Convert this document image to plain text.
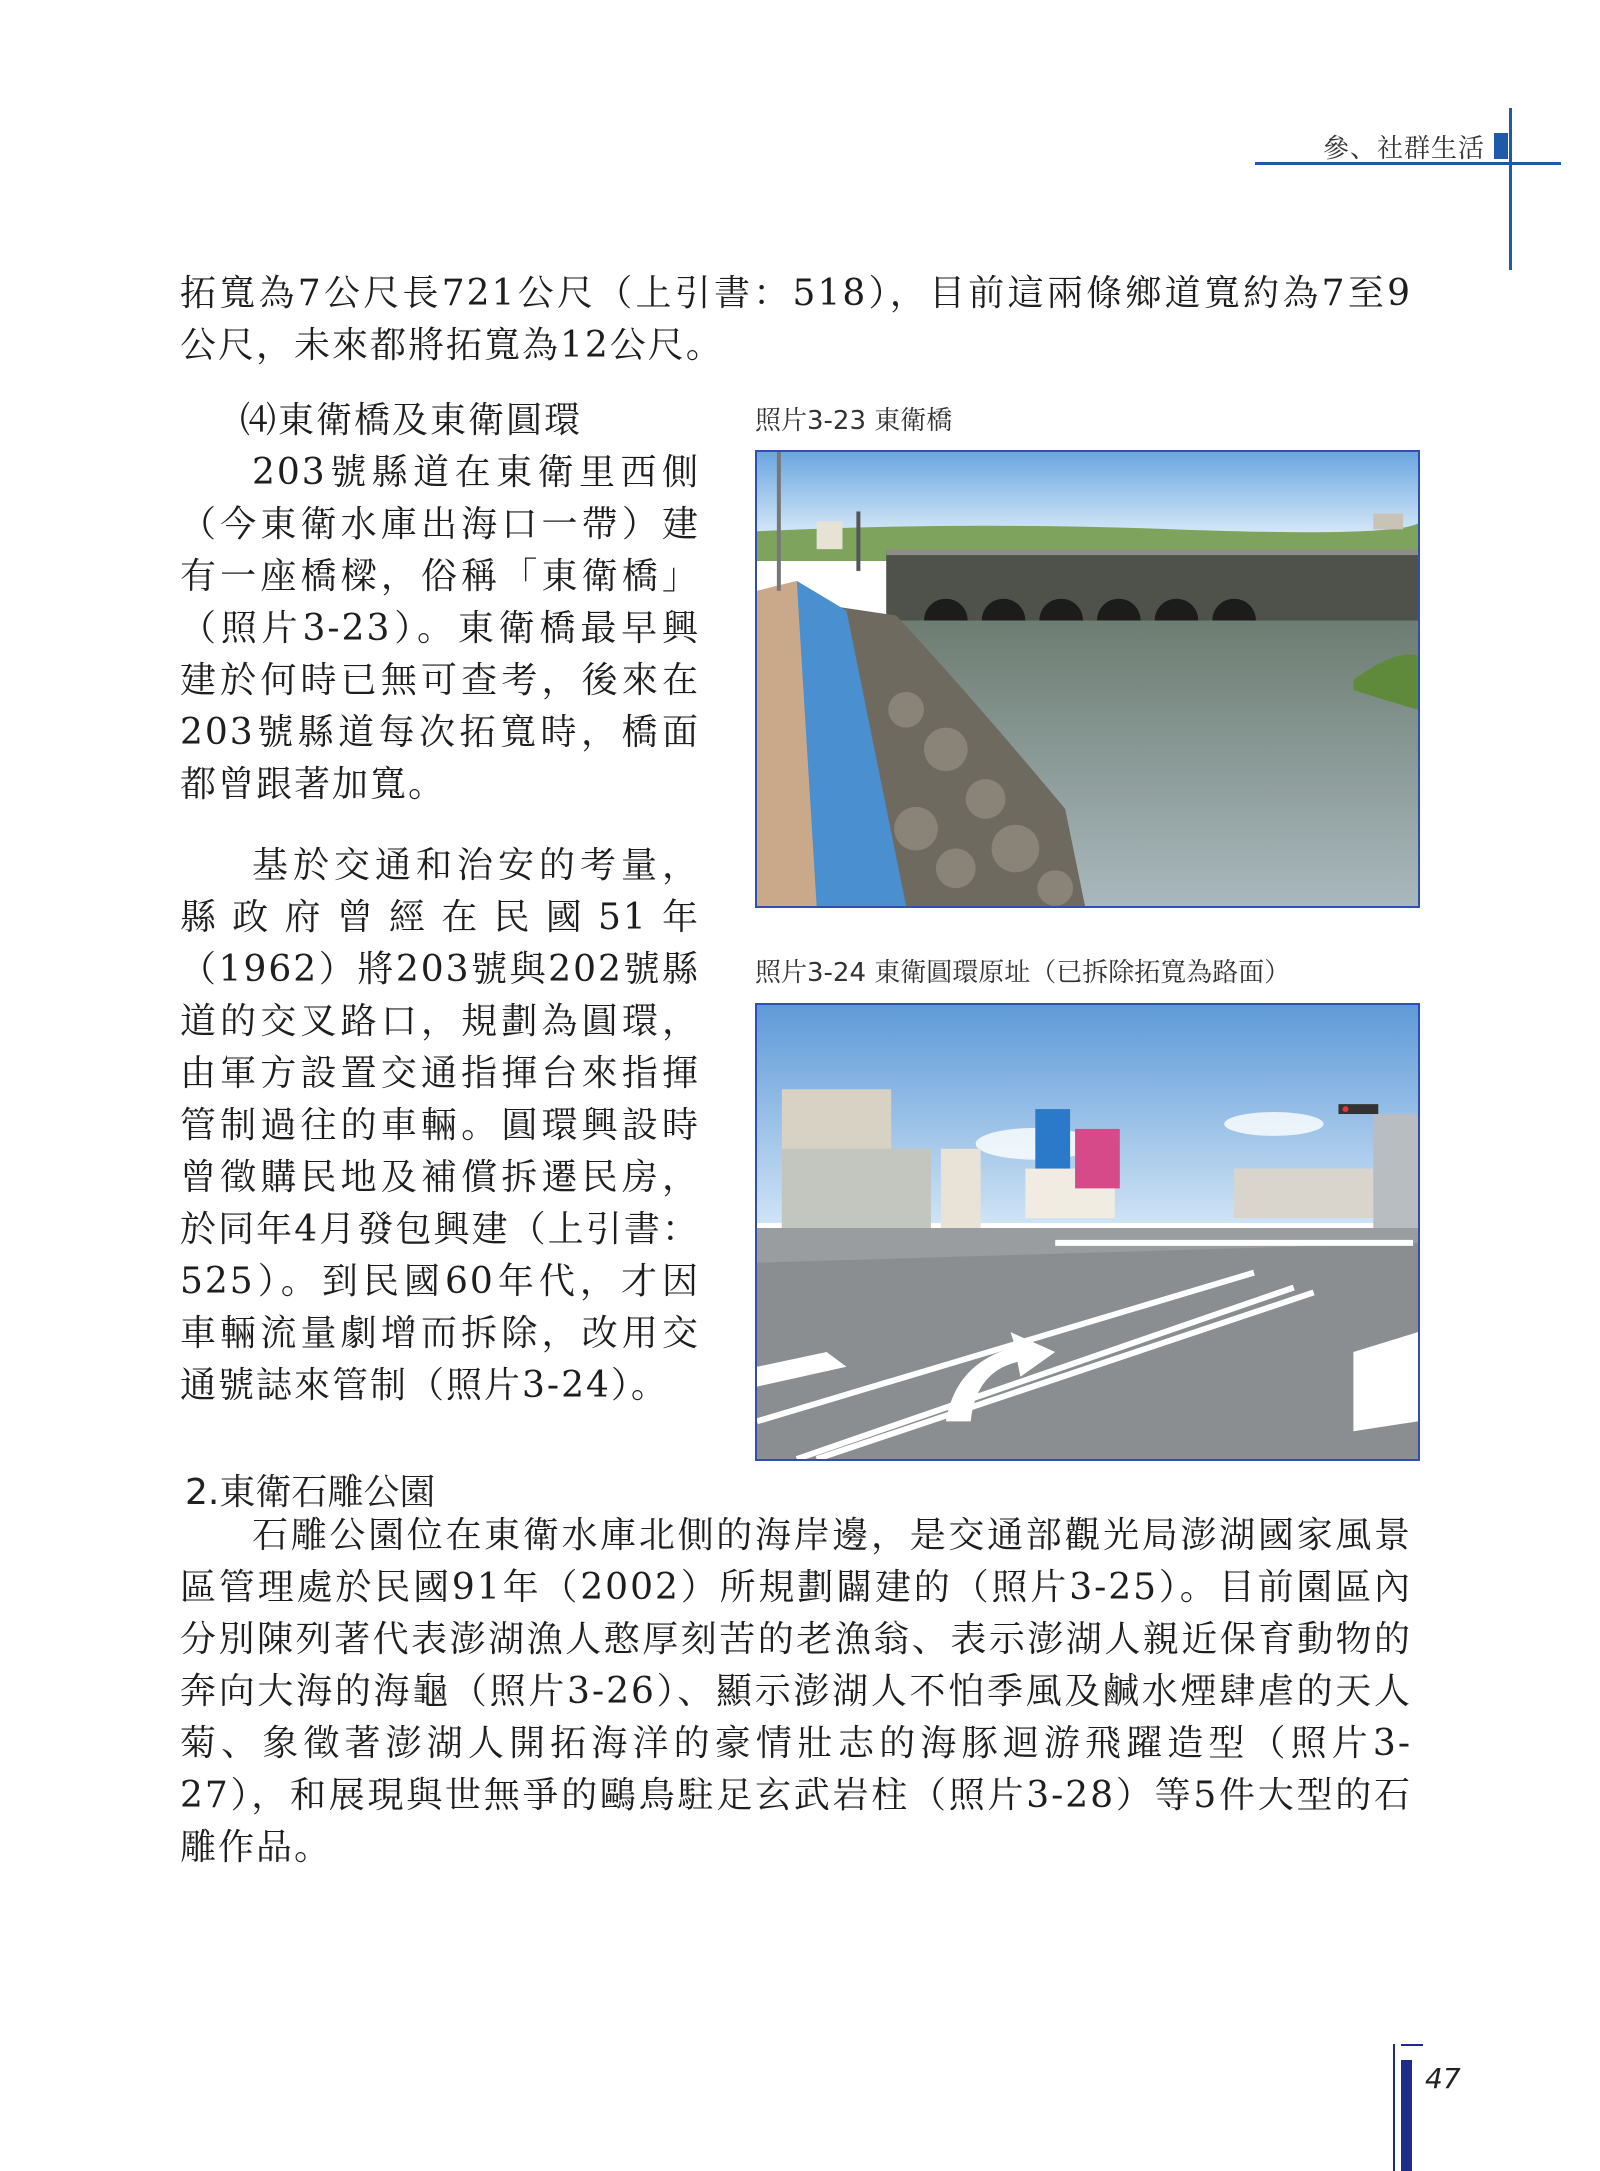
參、社群生活

拓寬為7公尺長721公尺（上引書：518），目前這兩條鄉道寬約為7至9公尺，未來都將拓寬為12公尺。

⑷東衛橋及東衛圓環

203號縣道在東衛里西側（今東衛水庫出海口一帶）建有一座橋樑，俗稱「東衛橋」（照片3-23）。東衛橋最早興建於何時已無可查考，後來在203號縣道每次拓寬時，橋面都曾跟著加寬。

基於交通和治安的考量，縣政府曾經在民國51年（1962）將203號與202號縣道的交叉路口，規劃為圓環，由軍方設置交通指揮台來指揮管制過往的車輛。圓環興設時曾徵購民地及補償拆遷民房，於同年4月發包興建（上引書：525）。到民國60年代，才因車輛流量劇增而拆除，改用交通號誌來管制（照片3-24）。

照片3-23 東衛橋
照片3-24 東衛圓環原址（已拆除拓寬為路面）
2.東衛石雕公園

石雕公園位在東衛水庫北側的海岸邊，是交通部觀光局澎湖國家風景區管理處於民國91年（2002）所規劃闢建的（照片3-25）。目前園區內分別陳列著代表澎湖漁人憨厚刻苦的老漁翁、表示澎湖人親近保育動物的奔向大海的海龜（照片3-26）、顯示澎湖人不怕季風及鹹水煙肆虐的天人菊、象徵著澎湖人開拓海洋的豪情壯志的海豚迴游飛躍造型（照片3-27），和展現與世無爭的鷗鳥駐足玄武岩柱（照片3-28）等5件大型的石雕作品。

47
